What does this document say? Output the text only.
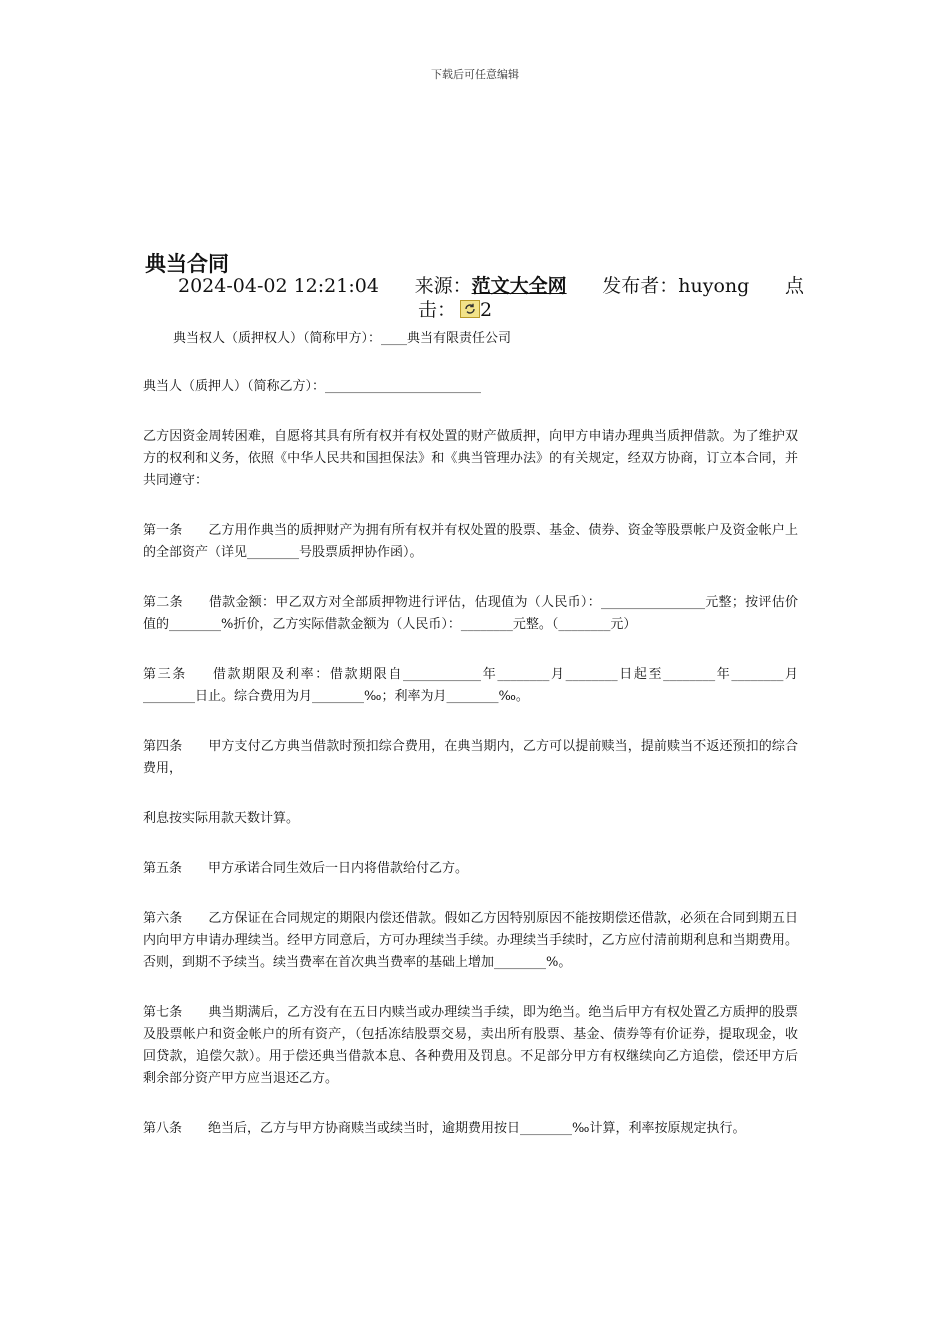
下载后可任意编辑
典当合同
2024-04-02 12:21:04 来源：范文大全网 发布者：huyong 点
击： 2

典当权人（质押权人）（简称甲方）：____典当有限责任公司

典当人（质押人）（简称乙方）：________________________

乙方因资金周转困难，自愿将其具有所有权并有权处置的财产做质押，向甲方申请办理典当质押借款。为了维护双方的权利和义务，依照《中华人民共和国担保法》和《典当管理办法》的有关规定，经双方协商，订立本合同，并共同遵守：

第一条 乙方用作典当的质押财产为拥有所有权并有权处置的股票、基金、债券、资金等股票帐户及资金帐户上的全部资产（详见________号股票质押协作函）。

第二条 借款金额：甲乙双方对全部质押物进行评估，估现值为（人民币）：________________元整；按评估价值的________%折价，乙方实际借款金额为（人民币）：________元整。（________元）

第三条 借款期限及利率：借款期限自____________年________月________日起至________年________月________日止。综合费用为月________‰；利率为月________‰。

第四条 甲方支付乙方典当借款时预扣综合费用，在典当期内，乙方可以提前赎当，提前赎当不返还预扣的综合费用，

利息按实际用款天数计算。

第五条 甲方承诺合同生效后一日内将借款给付乙方。

第六条 乙方保证在合同规定的期限内偿还借款。假如乙方因特别原因不能按期偿还借款，必须在合同到期五日内向甲方申请办理续当。经甲方同意后，方可办理续当手续。办理续当手续时，乙方应付清前期利息和当期费用。否则，到期不予续当。续当费率在首次典当费率的基础上增加________%。

第七条 典当期满后，乙方没有在五日内赎当或办理续当手续，即为绝当。绝当后甲方有权处置乙方质押的股票及股票帐户和资金帐户的所有资产，（包括冻结股票交易，卖出所有股票、基金、债券等有价证券，提取现金，收回贷款，追偿欠款）。用于偿还典当借款本息、各种费用及罚息。不足部分甲方有权继续向乙方追偿，偿还甲方后剩余部分资产甲方应当退还乙方。

第八条 绝当后，乙方与甲方协商赎当或续当时，逾期费用按日________‰计算，利率按原规定执行。
